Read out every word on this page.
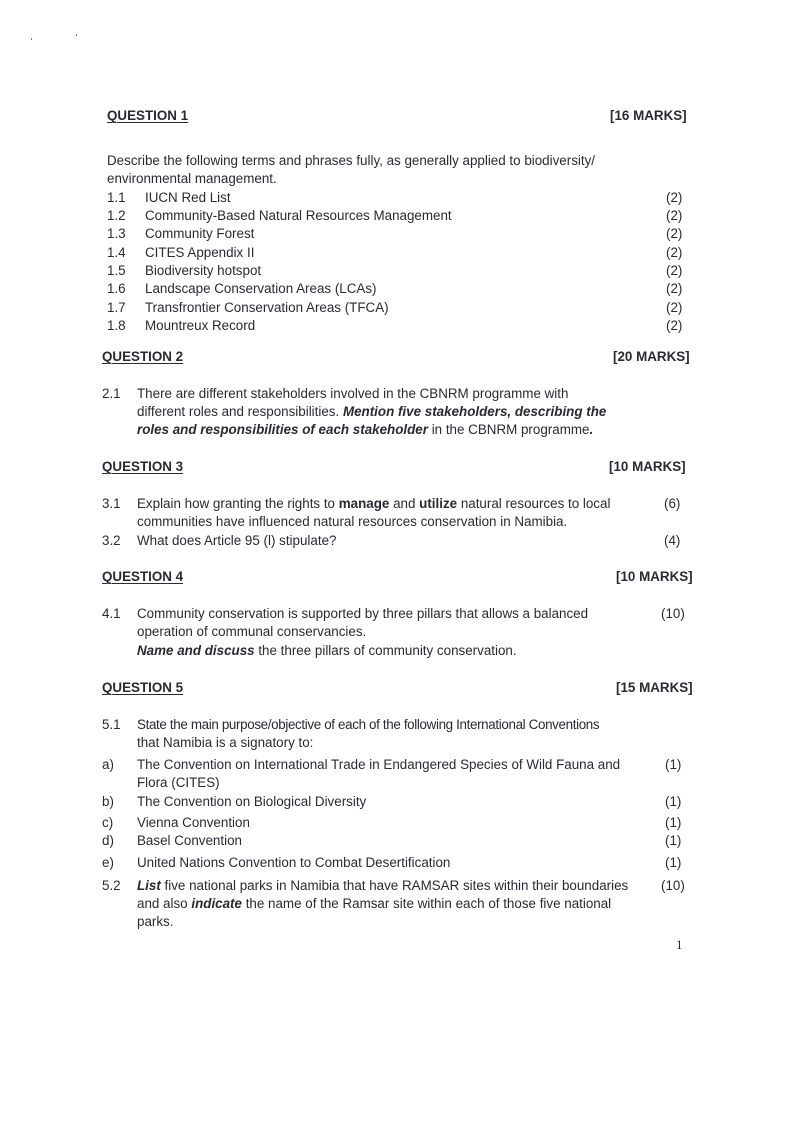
QUESTION 1	[16 MARKS]
Describe the following terms and phrases fully, as generally applied to biodiversity/
environmental management.
1.1 IUCN Red List	(2)
1.2 Community-Based Natural Resources Management	(2)
1.3 Community Forest	(2)
1.4 CITES Appendix II	(2)
1.5 Biodiversity hotspot	(2)
1.6 Landscape Conservation Areas (LCAs)	(2)
1.7 Transfrontier Conservation Areas (TFCA)	(2)
1.8 Mountreux Record	(2)
QUESTION 2	[20 MARKS]
2.1 There are different stakeholders involved in the CBNRM programme with
different roles and responsibilities. Mention five stakeholders, describing the
roles and responsibilities of each stakeholder in the CBNRM programme.
QUESTION 3	[10 MARKS]
3.1 Explain how granting the rights to manage and utilize natural resources to local
communities have influenced natural resources conservation in Namibia.
(6)
3.2 What does Article 95 (l) stipulate?	(4)
QUESTION 4	[10 MARKS]
4.1 Community conservation is supported by three pillars that allows a balanced
operation of communal conservancies.
Name and discuss the three pillars of community conservation.
(10)
QUESTION 5	[15 MARKS]
5.1 State the main purpose/objective of each of the following International Conventions
that Namibia is a signatory to:
a) The Convention on International Trade in Endangered Species of Wild Fauna and
Flora (CITES)
(1)
b) The Convention on Biological Diversity	(1)
c) Vienna Convention	(1)
d) Basel Convention	(1)
e) United Nations Convention to Combat Desertification	(1)
5.2 List five national parks in Namibia that have RAMSAR sites within their boundaries
and also indicate the name of the Ramsar site within each of those five national
parks.
(10)
1
